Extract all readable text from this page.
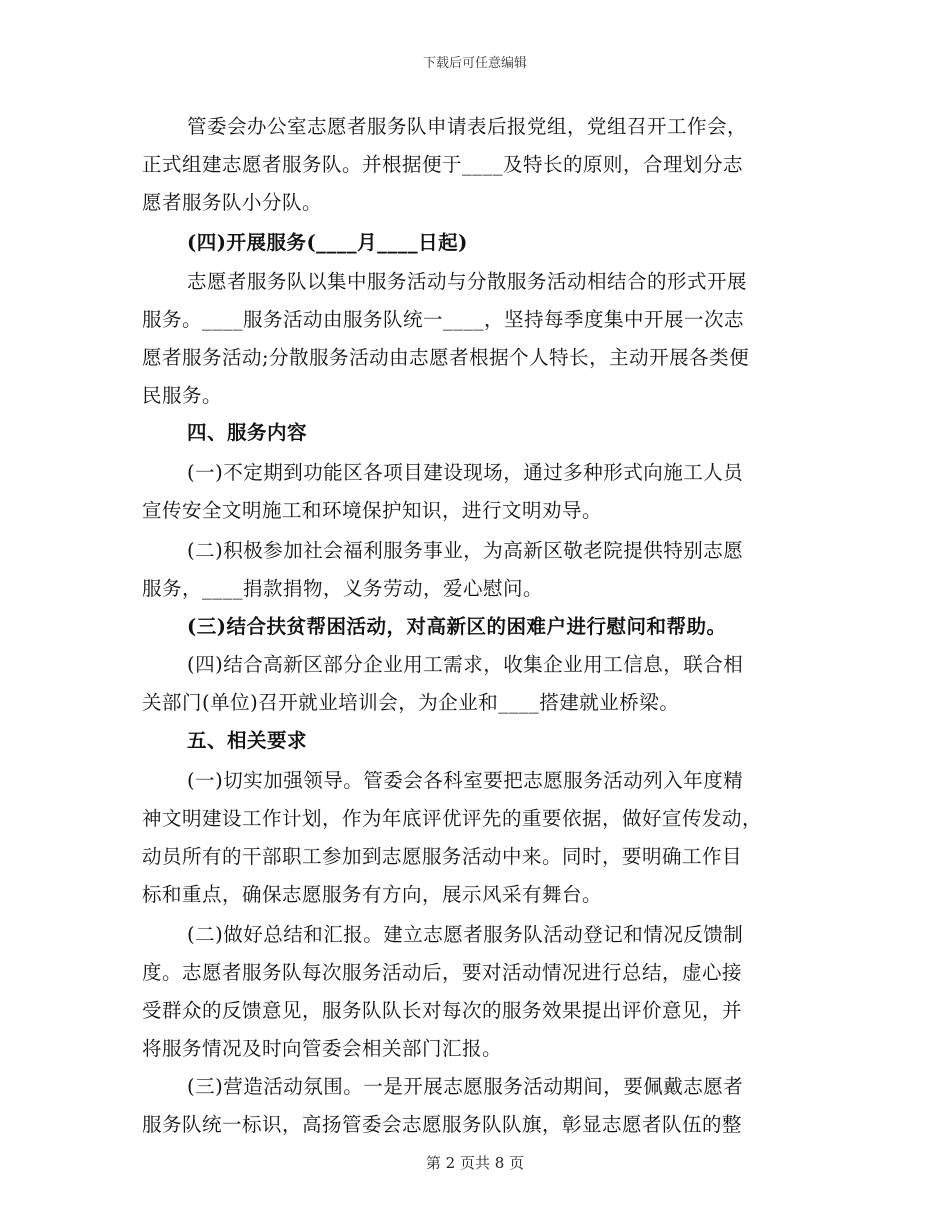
下载后可任意编辑
管委会办公室志愿者服务队申请表后报党组，党组召开工作会，
正式组建志愿者服务队。并根据便于____及特长的原则，合理划分志
愿者服务队小分队。
(四)开展服务(____月____日起)
志愿者服务队以集中服务活动与分散服务活动相结合的形式开展
服务。____服务活动由服务队统一____，坚持每季度集中开展一次志
愿者服务活动;分散服务活动由志愿者根据个人特长，主动开展各类便
民服务。
四、服务内容
(一)不定期到功能区各项目建设现场，通过多种形式向施工人员
宣传安全文明施工和环境保护知识，进行文明劝导。
(二)积极参加社会福利服务事业，为高新区敬老院提供特别志愿
服务，____捐款捐物，义务劳动，爱心慰问。
(三)结合扶贫帮困活动，对高新区的困难户进行慰问和帮助。
(四)结合高新区部分企业用工需求，收集企业用工信息，联合相
关部门(单位)召开就业培训会，为企业和____搭建就业桥梁。
五、相关要求
(一)切实加强领导。管委会各科室要把志愿服务活动列入年度精
神文明建设工作计划，作为年底评优评先的重要依据，做好宣传发动，
动员所有的干部职工参加到志愿服务活动中来。同时，要明确工作目
标和重点，确保志愿服务有方向，展示风采有舞台。
(二)做好总结和汇报。建立志愿者服务队活动登记和情况反馈制
度。志愿者服务队每次服务活动后，要对活动情况进行总结，虚心接
受群众的反馈意见，服务队队长对每次的服务效果提出评价意见，并
将服务情况及时向管委会相关部门汇报。
(三)营造活动氛围。一是开展志愿服务活动期间，要佩戴志愿者
服务队统一标识，高扬管委会志愿服务队队旗，彰显志愿者队伍的整
第 2 页共 8 页
